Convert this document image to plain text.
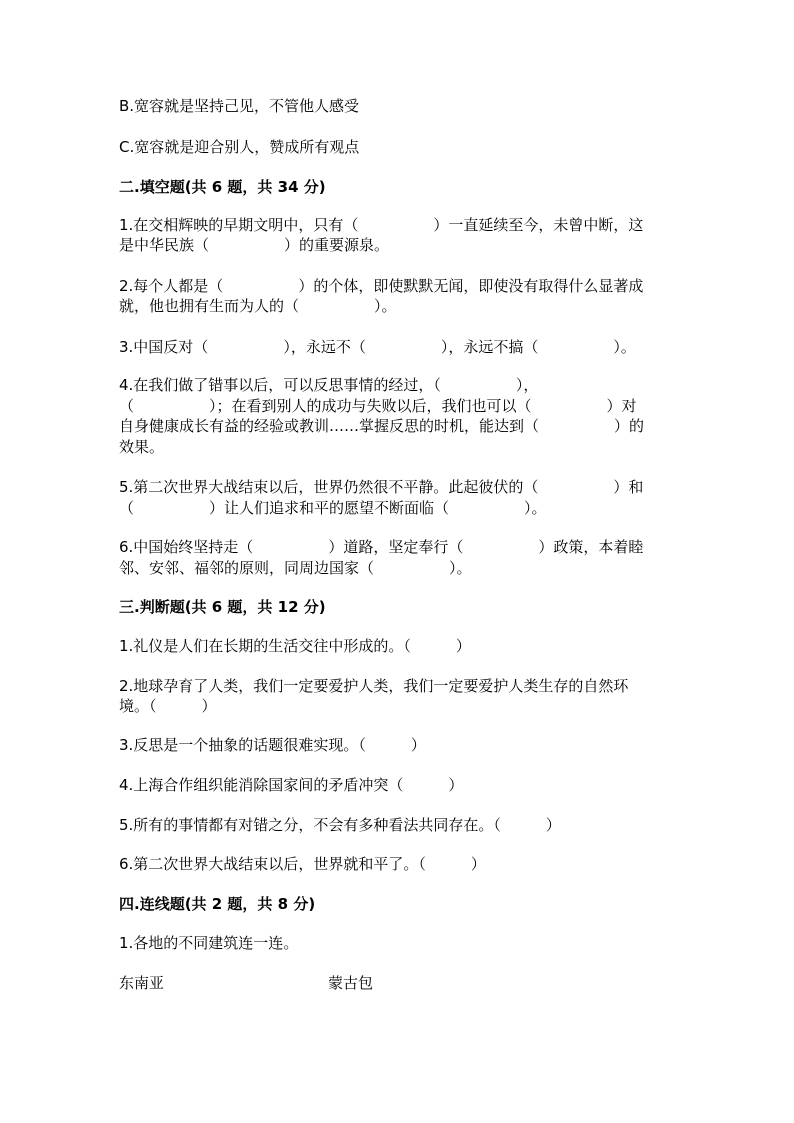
B.宽容就是坚持己见，不管他人感受
C.宽容就是迎合别人，赞成所有观点
二.填空题(共 6 题，共 34 分)
1.在交相辉映的早期文明中，只有（　　　　　）一直延续至今，未曾中断，这
是中华民族（　　　　　）的重要源泉。
2.每个人都是（　　　　　）的个体，即使默默无闻，即使没有取得什么显著成
就，他也拥有生而为人的（　　　　　）。
3.中国反对（　　　　　），永远不（　　　　　），永远不搞（　　　　　）。
4.在我们做了错事以后，可以反思事情的经过，（　　　　　），
（　　　　　）；在看到别人的成功与失败以后，我们也可以（　　　　　）对
自身健康成长有益的经验或教训……掌握反思的时机，能达到（　　　　　）的
效果。
5.第二次世界大战结束以后，世界仍然很不平静。此起彼伏的（　　　　　）和
（　　　　　）让人们追求和平的愿望不断面临（　　　　　）。
6.中国始终坚持走（　　　　　）道路，坚定奉行（　　　　　）政策，本着睦
邻、安邻、福邻的原则，同周边国家（　　　　　）。
三.判断题(共 6 题，共 12 分)
1.礼仪是人们在长期的生活交往中形成的。（　　　）
2.地球孕育了人类，我们一定要爱护人类，我们一定要爱护人类生存的自然环
境。（　　　）
3.反思是一个抽象的话题很难实现。（　　　）
4.上海合作组织能消除国家间的矛盾冲突（　　　）
5.所有的事情都有对错之分，不会有多种看法共同存在。（　　　）
6.第二次世界大战结束以后，世界就和平了。（　　　）
四.连线题(共 2 题，共 8 分)
1.各地的不同建筑连一连。
东南亚	蒙古包
